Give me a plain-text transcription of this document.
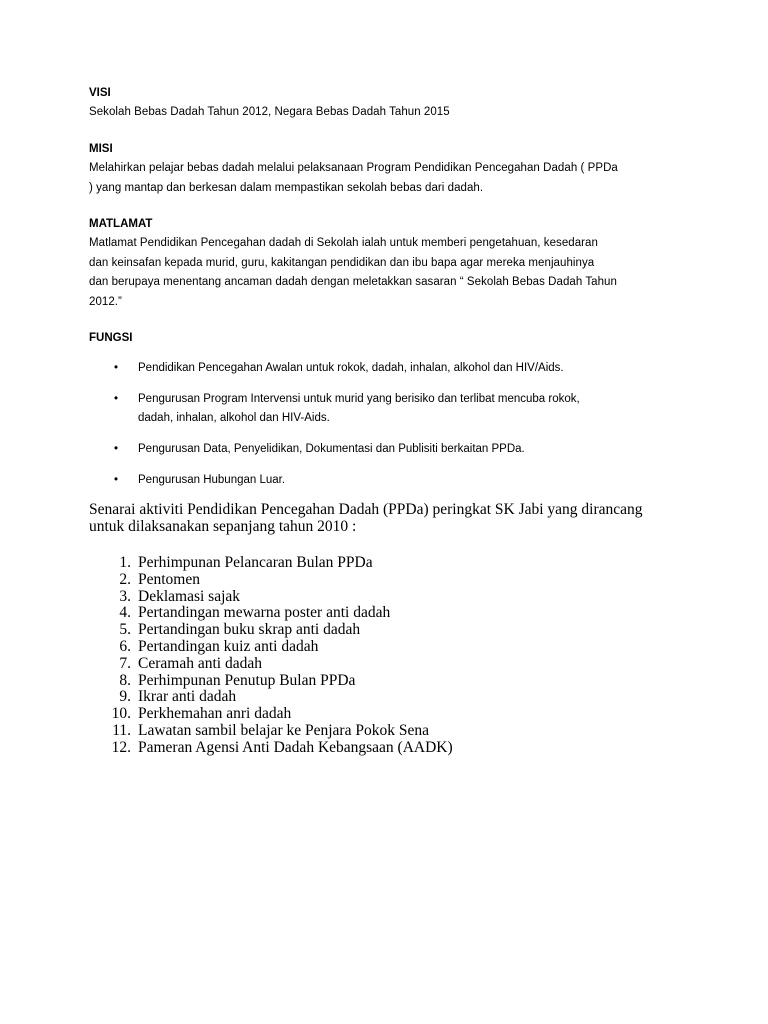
VISI

Sekolah Bebas Dadah Tahun 2012, Negara Bebas Dadah Tahun 2015

MISI

Melahirkan pelajar bebas dadah melalui pelaksanaan Program Pendidikan Pencegahan Dadah ( PPDa

) yang mantap dan berkesan dalam mempastikan sekolah bebas dari dadah.

MATLAMAT

Matlamat Pendidikan Pencegahan dadah di Sekolah ialah untuk memberi pengetahuan, kesedaran

dan keinsafan kepada murid, guru, kakitangan pendidikan dan ibu bapa agar mereka menjauhinya

dan berupaya menentang ancaman dadah dengan meletakkan sasaran “ Sekolah Bebas Dadah Tahun

2012.”

FUNGSI

• Pendidikan Pencegahan Awalan untuk rokok, dadah, inhalan, alkohol dan HIV/Aids.
• Pengurusan Program Intervensi untuk murid yang berisiko dan terlibat mencuba rokok,
dadah, inhalan, alkohol dan HIV-Aids.
• Pengurusan Data, Penyelidikan, Dokumentasi dan Publisiti berkaitan PPDa.
• Pengurusan Hubungan Luar.
Senarai aktiviti Pendidikan Pencegahan Dadah (PPDa) peringkat SK Jabi yang dirancang
untuk dilaksanakan sepanjang tahun 2010 :
1. Perhimpunan Pelancaran Bulan PPDa
2. Pentomen
3. Deklamasi sajak
4. Pertandingan mewarna poster anti dadah
5. Pertandingan buku skrap anti dadah
6. Pertandingan kuiz anti dadah
7. Ceramah anti dadah
8. Perhimpunan Penutup Bulan PPDa
9. Ikrar anti dadah
10. Perkhemahan anri dadah
11. Lawatan sambil belajar ke Penjara Pokok Sena
12. Pameran Agensi Anti Dadah Kebangsaan (AADK)
